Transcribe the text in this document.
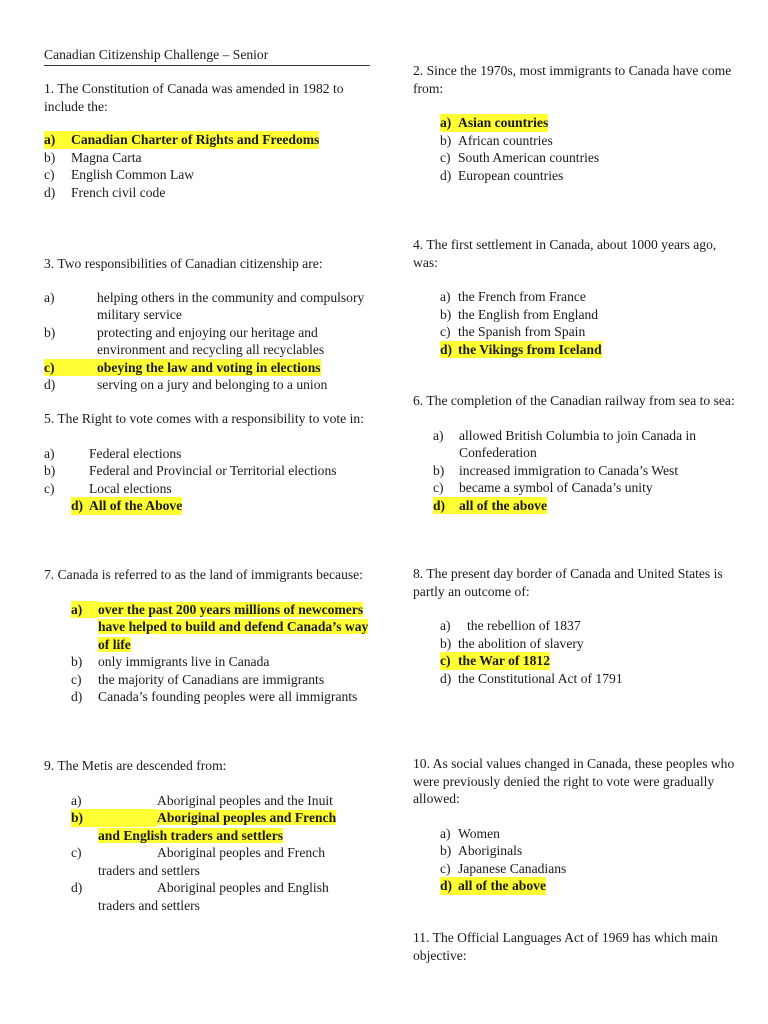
Canadian Citizenship Challenge – Senior

1. The Constitution of Canada was amended in 1982 to include the:

a)	Canadian Charter of Rights and Freedoms
b)	Magna Carta
c)	English Common Law
d)	French civil code

3. Two responsibilities of Canadian citizenship are:

a)	helping others in the community and compulsory military service
b)	protecting and enjoying our heritage and environment and recycling all recyclables
c)	obeying the law and voting in elections
d)	serving on a jury and belonging to a union

5. The Right to vote comes with a responsibility to vote in:

a)	Federal elections
b)	Federal and Provincial or Territorial elections
c)	Local elections
d) All of the Above

7. Canada is referred to as the land of immigrants because:

a)	over the past 200 years millions of newcomers have helped to build and defend Canada’s way of life
b)	only immigrants live in Canada
c)	the majority of Canadians are immigrants
d)	Canada’s founding peoples were all immigrants

9. The Metis are descended from:

a)	Aboriginal peoples and the Inuit
b)	Aboriginal peoples and French
and English traders and settlers
c)	Aboriginal peoples and French
traders and settlers
d)	Aboriginal peoples and English
traders and settlers

2. Since the 1970s, most immigrants to Canada have come from:

a) Asian countries
b) African countries
c) South American countries
d) European countries

4. The first settlement in Canada, about 1000 years ago, was:

a) the French from France
b) the English from England
c) the Spanish from Spain
d) the Vikings from Iceland

6. The completion of the Canadian railway from sea to sea:

a)	allowed British Columbia to join Canada in Confederation
b)	increased immigration to Canada’s West
c)	became a symbol of Canada’s unity
d)	all of the above

8. The present day border of Canada and United States is partly an outcome of:

a)	the rebellion of 1837
b) the abolition of slavery
c) the War of 1812
d) the Constitutional Act of 1791

10. As social values changed in Canada, these peoples who were previously denied the right to vote were gradually allowed:

a) Women
b) Aboriginals
c) Japanese Canadians
d) all of the above

11. The Official Languages Act of 1969 has which main objective:
